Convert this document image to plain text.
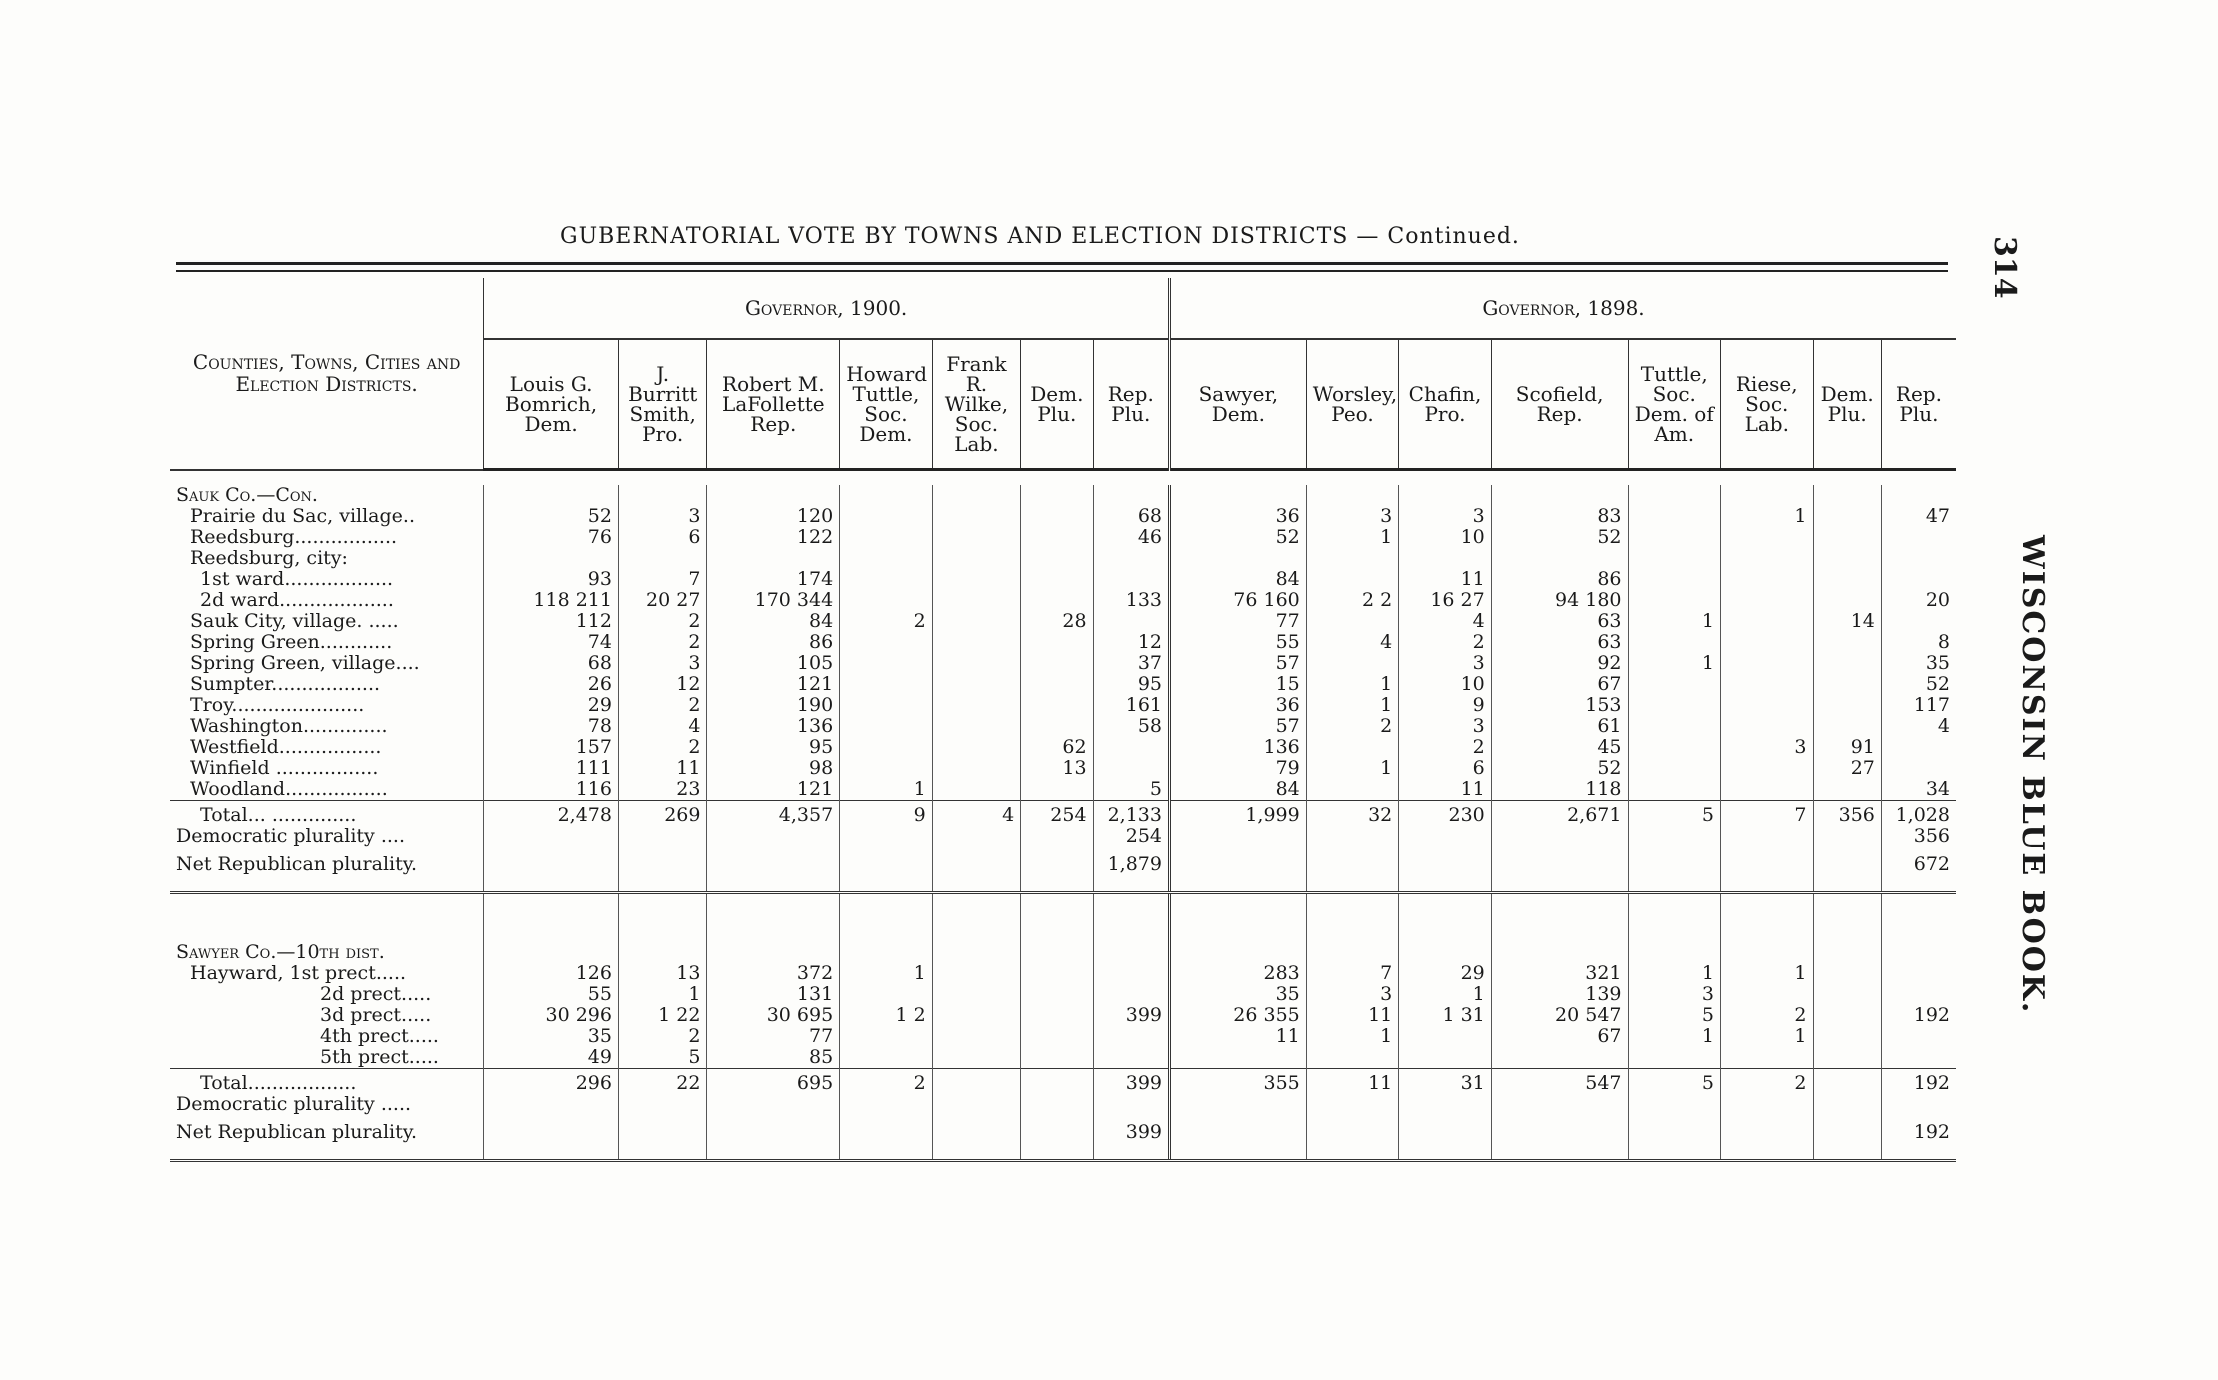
GUBERNATORIAL VOTE BY TOWNS AND ELECTION DISTRICTS — Continued.	314
WISCONSIN BLUE BOOK.
Counties, Towns, Cities and Election Districts.	Governor, 1900.							Governor, 1898.							
	Louis G. Bomrich, Dem.	J. Burritt Smith, Pro.	Robert M. LaFollette Rep.	Howard Tuttle, Soc. Dem.	Frank R. Wilke, Soc. Lab.	Dem. Plu.	Rep. Plu.	Sawyer, Dem.	Worsley, Peo.	Chafin, Pro.	Scofield, Rep.	Tuttle, Soc. Dem. of Am.	Riese, Soc. Lab.	Dem. Plu.	Rep. Plu.

Sauk Co.—Con.															
Prairie du Sac, village..	52	3	120				68	36	3	3	83		1		47
Reedsburg.................	76	6	122				46	52	1	10	52				
Reedsburg, city:															
1st ward..................	93	7	174					84		11	86				
2d ward...................	118 211	20 27	170 344				133	76 160	2 2	16 27	94 180				20
Sauk City, village. .....	112	2	84	2		28		77		4	63	1		14	
Spring Green............	74	2	86				12	55	4	2	63				8
Spring Green, village....	68	3	105				37	57		3	92	1			35
Sumpter..................	26	12	121				95	15	1	10	67				52
Troy......................	29	2	190				161	36	1	9	153				117
Washington..............	78	4	136				58	57	2	3	61				4
Westfield.................	157	2	95			62		136		2	45		3	91	
Winfield .................	111	11	98			13		79	1	6	52			27	
Woodland.................	116	23	121	1			5	84		11	118				34
Total... ..............	2,478	269	4,357	9	4	254	2,133	1,999	32	230	2,671	5	7	356	1,028
Democratic plurality ....							254								356
Net Republican plurality.							1,879								672

Sawyer Co.—10th dist.															
Hayward, 1st prect.....	126	13	372	1				283	7	29	321	1	1		
2d prect.....	55	1	131					35	3	1	139	3			
3d prect.....	30 296	1 22	30 695	1 2			399	26 355	11	1 31	20 547	5	2		192
4th prect.....	35	2	77					11	1		67	1	1		
5th prect.....	49	5	85												
Total..................	296	22	695	2			399	355	11	31	547	5	2		192
Democratic plurality .....															
Net Republican plurality.							399								192
